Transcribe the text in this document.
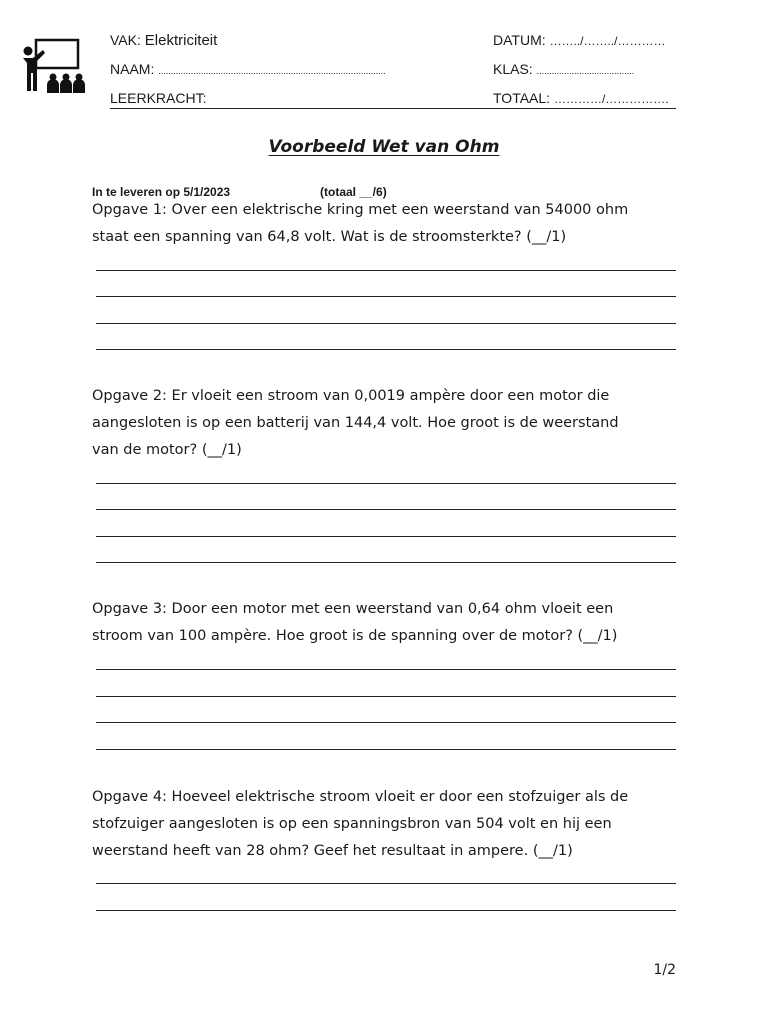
VAK: Elektriciteit
NAAM: ...........................................................................................
LEERKRACHT:
DATUM: ……../……../…………
KLAS: .......................................
TOTAAL: …………/…………….
Voorbeeld Wet van Ohm
In te leveren op 5/1/2023	(totaal __/6)

Opgave 1: Over een elektrische kring met een weerstand van 54000 ohm

staat een spanning van 64,8 volt. Wat is de stroomsterkte? (__/1)

Opgave 2: Er vloeit een stroom van 0,0019 ampère door een motor die

aangesloten is op een batterij van 144,4 volt. Hoe groot is de weerstand

van de motor? (__/1)

Opgave 3: Door een motor met een weerstand van 0,64 ohm vloeit een

stroom van 100 ampère. Hoe groot is de spanning over de motor? (__/1)

Opgave 4: Hoeveel elektrische stroom vloeit er door een stofzuiger als de

stofzuiger aangesloten is op een spanningsbron van 504 volt en hij een

weerstand heeft van 28 ohm? Geef het resultaat in ampere. (__/1)

1/2
